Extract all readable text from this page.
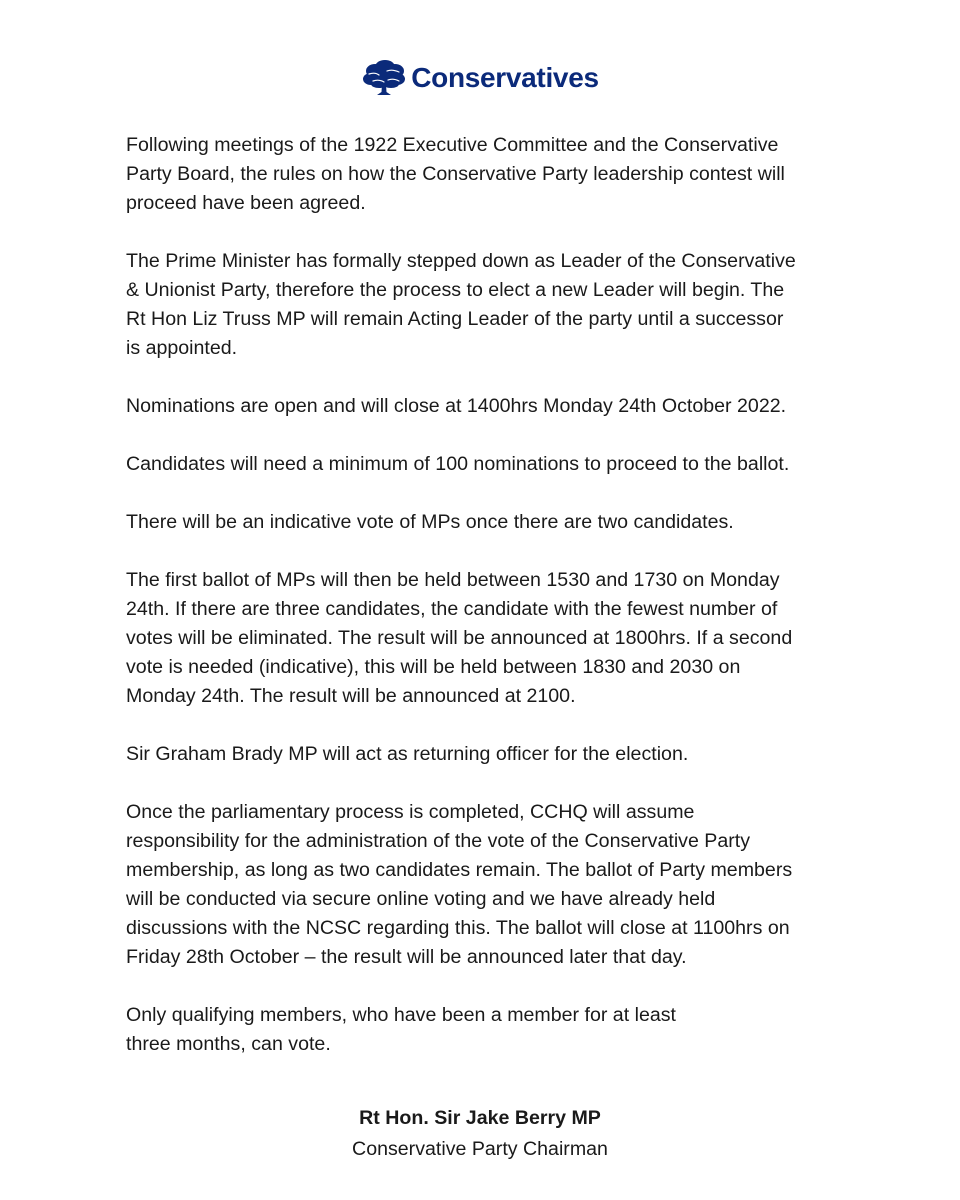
Conservatives

Following meetings of the 1922 Executive Committee and the Conservative
Party Board, the rules on how the Conservative Party leadership contest will
proceed have been agreed.

The Prime Minister has formally stepped down as Leader of the Conservative
& Unionist Party, therefore the process to elect a new Leader will begin. The
Rt Hon Liz Truss MP will remain Acting Leader of the party until a successor
is appointed.

Nominations are open and will close at 1400hrs Monday 24th October 2022.

Candidates will need a minimum of 100 nominations to proceed to the ballot.

There will be an indicative vote of MPs once there are two candidates.

The first ballot of MPs will then be held between 1530 and 1730 on Monday
24th. If there are three candidates, the candidate with the fewest number of
votes will be eliminated. The result will be announced at 1800hrs. If a second
vote is needed (indicative), this will be held between 1830 and 2030 on
Monday 24th. The result will be announced at 2100.

Sir Graham Brady MP will act as returning officer for the election.

Once the parliamentary process is completed, CCHQ will assume
responsibility for the administration of the vote of the Conservative Party
membership, as long as two candidates remain. The ballot of Party members
will be conducted via secure online voting and we have already held
discussions with the NCSC regarding this. The ballot will close at 1100hrs on
Friday 28th October – the result will be announced later that day.

Only qualifying members, who have been a member for at least
three months, can vote.

Rt Hon. Sir Jake Berry MP
Conservative Party Chairman
